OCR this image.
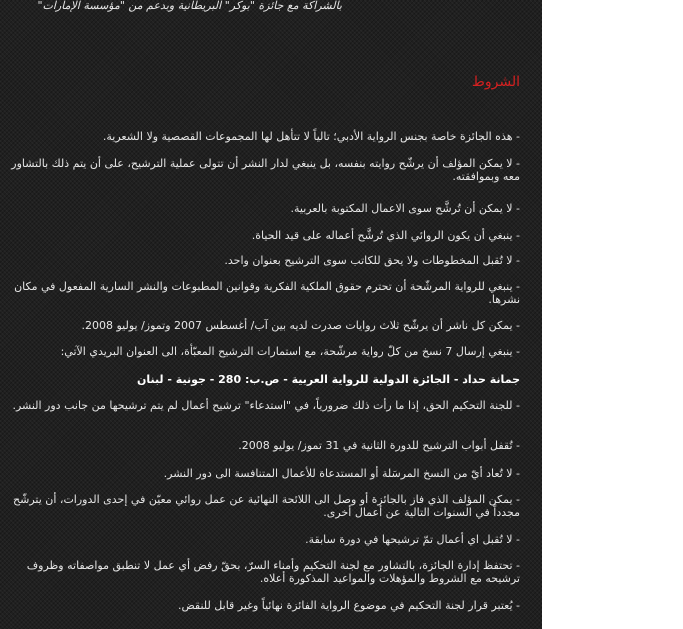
بالشراكة مع جائزة "بوكر" البريطانية وبدعم من "مؤسسة الإمارات"
الشروط
- هذه الجائزة خاصة بجنس الرواية الأدبي؛ تالياً لا تتأهل لها المجموعات القصصية ولا الشعرية.
- لا يمكن المؤلف أن يرشّح روايته بنفسه، بل ينبغي لدار النشر أن تتولى عملية الترشيح، على أن يتم ذلك بالتشاور معه وبموافقته.
- لا يمكن أن تُرشَّح سوى الاعمال المكتوبة بالعربية.
- ينبغي أن يكون الروائي الذي تُرشَّح أعماله على قيد الحياة.
- لا تُقبل المخطوطات ولا يحق للكاتب سوى الترشيح بعنوان واحد.
- ينبغي للرواية المرشّحة أن تحترم حقوق الملكية الفكرية وقوانين المطبوعات والنشر السارية المفعول في مكان نشرها.
- يمكن كل ناشر أن يرشّح ثلاث روايات صدرت لديه بين آب/ أغسطس 2007 وتموز/ يوليو 2008.
- ينبغي إرسال 7 نسخ من كلّ رواية مرشّحة، مع استمارات الترشيح المعبّأة، الى العنوان البريدي الآتي:
جمانة حداد - الجائزة الدولية للرواية العربية - ص.ب: 280 - جونية - لبنان
- للجنة التحكيم الحق، إذا ما رأت ذلك ضرورياً، في "استدعاء" ترشيح أعمال لم يتم ترشيحها من جانب دور النشر.
- تُقفل أبواب الترشيح للدورة الثانية في 31 تموز/ يوليو 2008.
- لا تُعاد أيّ من النسخ المرسَلة أو المستدعاة للأعمال المتنافسة الى دور النشر.
- يمكن المؤلف الذي فاز بالجائزة أو وصل الى اللائحة النهائية عن عمل روائي معيّن في إحدى الدورات، أن يترشّح مجدداً في السنوات التالية عن أعمال أخرى.
- لا تُقبل اي أعمال تمّ ترشيحها في دورة سابقة.
- تحتفظ إدارة الجائزة، بالتشاور مع لجنة التحكيم وأمناء السرّ، بحقّ رفض أي عمل لا تنطبق مواصفاته وظروف ترشيحه مع الشروط والمؤهلات والمواعيد المذكورة أعلاه.
- يُعتبر قرار لجنة التحكيم في موضوع الرواية الفائزة نهائياً وغير قابل للنقض.
